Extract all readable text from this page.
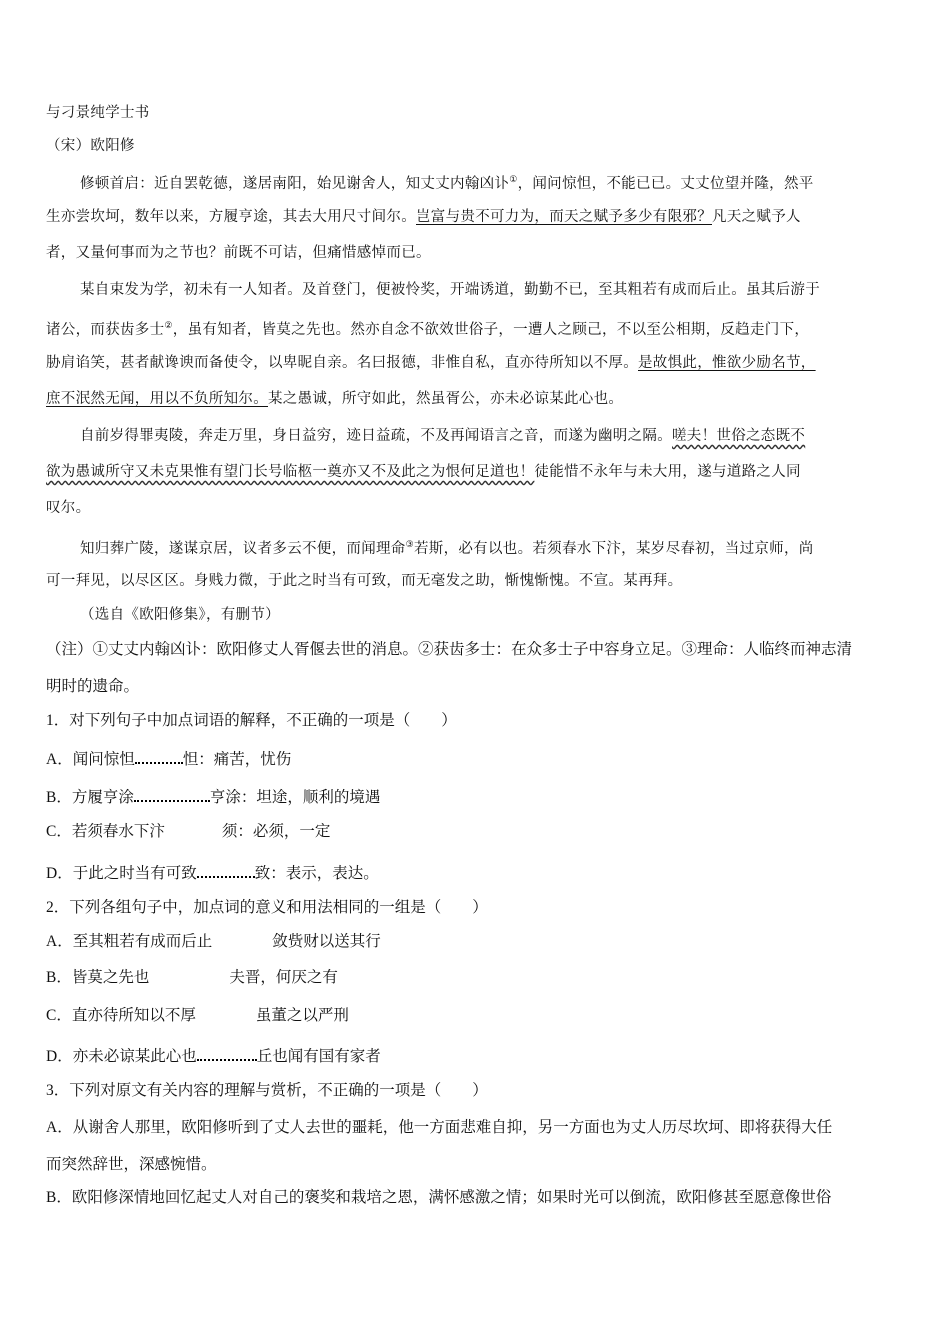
与刁景纯学士书
（宋）欧阳修
修顿首启：近自罢乾德，遂居南阳，始见谢舍人，知丈丈内翰凶讣①，闻问惊怛，不能已已。丈丈位望并隆，然平
生亦尝坎坷，数年以来，方履亨途，其去大用尺寸间尔。岂富与贵不可力为，而天之赋予多少有限邪？凡天之赋予人
者，又量何事而为之节也？前既不可诘，但痛惜感悼而已。
某自束发为学，初未有一人知者。及首登门，便被怜奖，开端诱道，勤勤不已，至其粗若有成而后止。虽其后游于
诸公，而获齿多士②，虽有知者，皆莫之先也。然亦自念不欲效世俗子，一遭人之顾己，不以至公相期，反趋走门下，
胁肩谄笑，甚者献谗谀而备使令，以卑昵自亲。名曰报德，非惟自私，直亦待所知以不厚。是故惧此，惟欲少励名节，
庶不泯然无闻，用以不负所知尔。某之愚诚，所守如此，然虽胥公，亦未必谅某此心也。
自前岁得罪夷陵，奔走万里，身日益穷，迹日益疏，不及再闻语言之音，而遂为幽明之隔。嗟夫！世俗之态既不
欲为愚诚所守又未克果惟有望门长号临柩一奠亦又不及此之为恨何足道也！徒能惜不永年与未大用，遂与道路之人同
叹尔。
知归葬广陵，遂谋京居，议者多云不便，而闻理命③若斯，必有以也。若须春水下汴，某岁尽春初，当过京师，尚
可一拜见，以尽区区。身贱力微，于此之时当有可致，而无毫发之助，惭愧惭愧。不宣。某再拜。
（选自《欧阳修集》，有删节）
（注）①丈丈内翰凶讣：欧阳修丈人胥偃去世的消息。②获齿多士：在众多士子中容身立足。③理命：人临终而神志清
明时的遗命。
1．对下列句子中加点词语的解释，不正确的一项是（　　）
A．闻问惊怛	怛：痛苦，忧伤
B．方履亨涂	亨涂：坦途，顺利的境遇
C．若须春水下汴	须：必须，一定
D．于此之时当有可致	致：表示，表达。
2．下列各组句子中，加点词的意义和用法相同的一组是（　　）
A．至其粗若有成而后止	敛赀财以送其行
B．皆莫之先也	夫晋，何厌之有
C．直亦待所知以不厚	虽董之以严刑
D．亦未必谅某此心也	丘也闻有国有家者
3．下列对原文有关内容的理解与赏析，不正确的一项是（　　）
A．从谢舍人那里，欧阳修听到了丈人去世的噩耗，他一方面悲难自抑，另一方面也为丈人历尽坎坷、即将获得大任
而突然辞世，深感惋惜。
B．欧阳修深情地回忆起丈人对自己的褒奖和栽培之恩，满怀感激之情；如果时光可以倒流，欧阳修甚至愿意像世俗
